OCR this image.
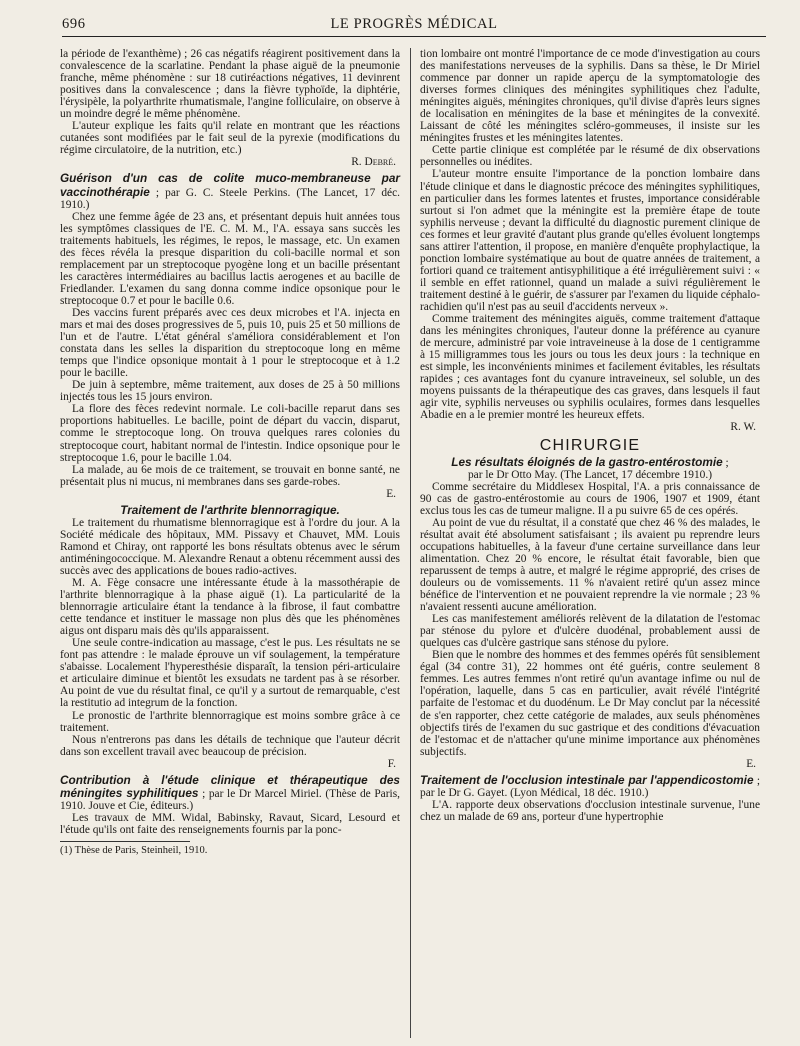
696	LE PROGRÈS MÉDICAL

la période de l'exanthème) ; 26 cas négatifs réagirent positivement dans la convalescence de la scarlatine. Pendant la phase aiguë de la pneumonie franche, même phénomène : sur 18 cutiréactions négatives, 11 devinrent positives dans la convalescence ; dans la fièvre typhoïde, la diphtérie, l'érysipèle, la polyarthrite rhumatismale, l'angine folliculaire, on observe à un moindre degré le même phénomène.

L'auteur explique les faits qu'il relate en montrant que les réactions cutanées sont modifiées par le fait seul de la pyrexie (modifications du régime circulatoire, de la nutrition, etc.)

R. Debré.

Guérison d'un cas de colite muco-membraneuse par vaccinothérapie ; par G. C. Steele Perkins. (The Lancet, 17 déc. 1910.)

Chez une femme âgée de 23 ans, et présentant depuis huit années tous les symptômes classiques de l'E. C. M. M., l'A. essaya sans succès les traitements habituels, les régimes, le repos, le massage, etc. Un examen des fèces révéla la presque disparition du coli-bacille normal et son remplacement par un streptocoque pyogène long et un bacille présentant les caractères intermédiaires au bacillus lactis aerogenes et au bacille de Friedlander. L'examen du sang donna comme indice opsonique pour le streptocoque 0.7 et pour le bacille 0.6.

Des vaccins furent préparés avec ces deux microbes et l'A. injecta en mars et mai des doses progressives de 5, puis 10, puis 25 et 50 millions de l'un et de l'autre. L'état général s'améliora considérablement et l'on constata dans les selles la disparition du streptocoque long en même temps que l'indice opsonique montait à 1 pour le streptocoque et à 1.2 pour le bacille.

De juin à septembre, même traitement, aux doses de 25 à 50 millions injectés tous les 15 jours environ.

La flore des fèces redevint normale. Le coli-bacille reparut dans ses proportions habituelles. Le bacille, point de départ du vaccin, disparut, comme le streptocoque long. On trouva quelques rares colonies du streptocoque court, habitant normal de l'intestin. Indice opsonique pour le streptocoque 1.6, pour le bacille 1.04.

La malade, au 6e mois de ce traitement, se trouvait en bonne santé, ne présentait plus ni mucus, ni membranes dans ses garde-robes.

E.

Traitement de l'arthrite blennorragique.

Le traitement du rhumatisme blennorragique est à l'ordre du jour. A la Société médicale des hôpitaux, MM. Pissavy et Chauvet, MM. Louis Ramond et Chiray, ont rapporté les bons résultats obtenus avec le sérum antiméningococcique. M. Alexandre Renaut a obtenu récemment aussi des succès avec des applications de boues radio-actives.

M. A. Fège consacre une intéressante étude à la massothérapie de l'arthrite blennorragique à la phase aiguë (1). La particularité de la blennorragie articulaire étant la tendance à la fibrose, il faut combattre cette tendance et instituer le massage non plus dès que les phénomènes aigus ont disparu mais dès qu'ils apparaissent.

Une seule contre-indication au massage, c'est le pus. Les résultats ne se font pas attendre : le malade éprouve un vif soulagement, la température s'abaisse. Localement l'hyperesthésie disparaît, la tension péri-articulaire et articulaire diminue et bientôt les exsudats ne tardent pas à se résorber. Au point de vue du résultat final, ce qu'il y a surtout de remarquable, c'est la restitutio ad integrum de la fonction.

Le pronostic de l'arthrite blennorragique est moins sombre grâce à ce traitement.

Nous n'entrerons pas dans les détails de technique que l'auteur décrit dans son excellent travail avec beaucoup de précision.

F.

Contribution à l'étude clinique et thérapeutique des méningites syphilitiques ; par le Dr Marcel Miriel. (Thèse de Paris, 1910. Jouve et Cie, éditeurs.)

Les travaux de MM. Widal, Babinsky, Ravaut, Sicard, Lesourd et l'étude qu'ils ont faite des renseignements fournis par la ponc-

(1) Thèse de Paris, Steinheil, 1910.

tion lombaire ont montré l'importance de ce mode d'investigation au cours des manifestations nerveuses de la syphilis. Dans sa thèse, le Dr Miriel commence par donner un rapide aperçu de la symptomatologie des diverses formes cliniques des méningites syphilitiques chez l'adulte, méningites aiguës, méningites chroniques, qu'il divise d'après leurs signes de localisation en méningites de la base et méningites de la convexité. Laissant de côté les méningites scléro-gommeuses, il insiste sur les méningites frustes et les méningites latentes.

Cette partie clinique est complétée par le résumé de dix observations personnelles ou inédites.

L'auteur montre ensuite l'importance de la ponction lombaire dans l'étude clinique et dans le diagnostic précoce des méningites syphilitiques, en particulier dans les formes latentes et frustes, importance considérable surtout si l'on admet que la méningite est la première étape de toute syphilis nerveuse ; devant la difficulté du diagnostic purement clinique de ces formes et leur gravité d'autant plus grande qu'elles évoluent longtemps sans attirer l'attention, il propose, en manière d'enquête prophylactique, la ponction lombaire systématique au bout de quatre années de traitement, a fortiori quand ce traitement antisyphilitique a été irrégulièrement suivi : « il semble en effet rationnel, quand un malade a suivi régulièrement le traitement destiné à le guérir, de s'assurer par l'examen du liquide céphalo-rachidien qu'il n'est pas au seuil d'accidents nerveux ».

Comme traitement des méningites aiguës, comme traitement d'attaque dans les méningites chroniques, l'auteur donne la préférence au cyanure de mercure, administré par voie intraveineuse à la dose de 1 centigramme à 15 milligrammes tous les jours ou tous les deux jours : la technique en est simple, les inconvénients minimes et facilement évitables, les résultats rapides ; ces avantages font du cyanure intraveineux, sel soluble, un des moyens puissants de la thérapeutique des cas graves, dans lesquels il faut agir vite, syphilis nerveuses ou syphilis oculaires, formes dans lesquelles Abadie en a le premier montré les heureux effets.

R. W.
CHIRURGIE

Les résultats éloignés de la gastro-entérostomie ;

par le Dr Otto May. (The Lancet, 17 décembre 1910.)

Comme secrétaire du Middlesex Hospital, l'A. a pris connaissance de 90 cas de gastro-entérostomie au cours de 1906, 1907 et 1909, étant exclus tous les cas de tumeur maligne. Il a pu suivre 65 de ces opérés.

Au point de vue du résultat, il a constaté que chez 46 % des malades, le résultat avait été absolument satisfaisant ; ils avaient pu reprendre leurs occupations habituelles, à la faveur d'une certaine surveillance dans leur alimentation. Chez 20 % encore, le résultat était favorable, bien que reparussent de temps à autre, et malgré le régime approprié, des crises de douleurs ou de vomissements. 11 % n'avaient retiré qu'un assez mince bénéfice de l'intervention et ne pouvaient reprendre la vie normale ; 23 % n'avaient ressenti aucune amélioration.

Les cas manifestement améliorés relèvent de la dilatation de l'estomac par sténose du pylore et d'ulcère duodénal, probablement aussi de quelques cas d'ulcère gastrique sans sténose du pylore.

Bien que le nombre des hommes et des femmes opérés fût sensiblement égal (34 contre 31), 22 hommes ont été guéris, contre seulement 8 femmes. Les autres femmes n'ont retiré qu'un avantage infime ou nul de l'opération, laquelle, dans 5 cas en particulier, avait révélé l'intégrité parfaite de l'estomac et du duodénum. Le Dr May conclut par la nécessité de s'en rapporter, chez cette catégorie de malades, aux seuls phénomènes objectifs tirés de l'examen du suc gastrique et des conditions d'évacuation de l'estomac et de n'attacher qu'une minime importance aux phénomènes subjectifs.

E.

Traitement de l'occlusion intestinale par l'appendicostomie ; par le Dr G. Gayet. (Lyon Médical, 18 déc. 1910.)

L'A. rapporte deux observations d'occlusion intestinale survenue, l'une chez un malade de 69 ans, porteur d'une hypertrophie
